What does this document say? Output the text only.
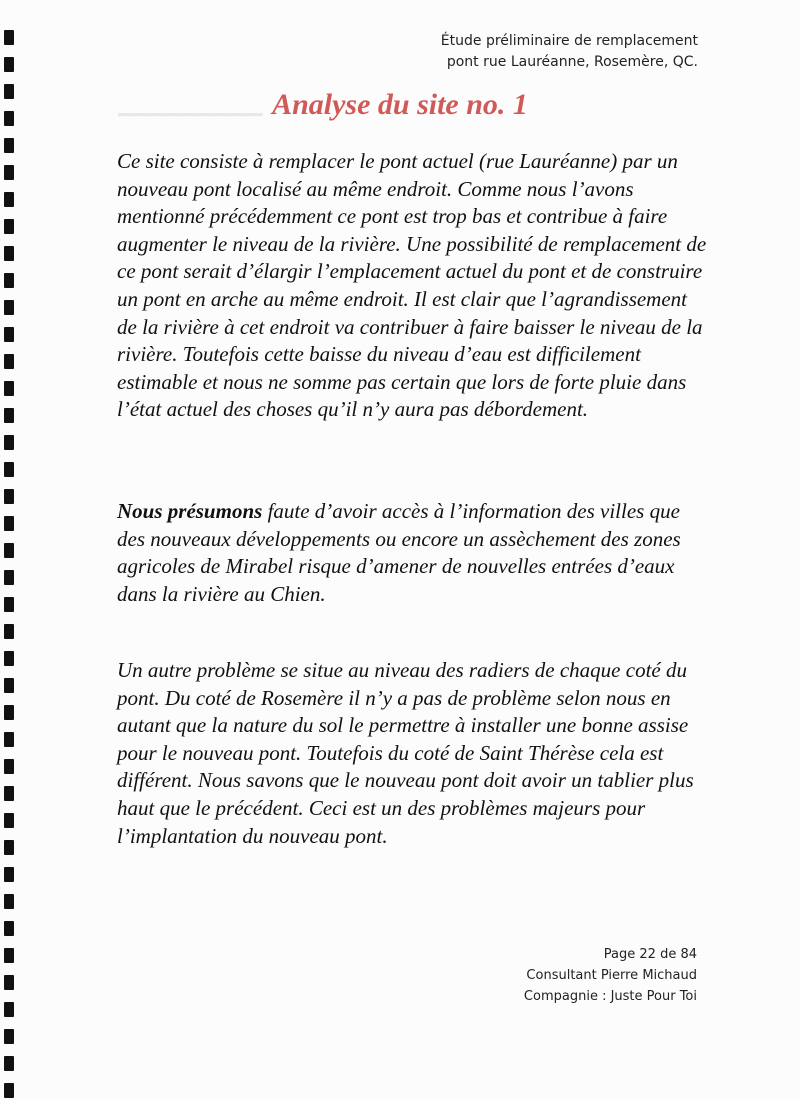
▁▁▁▁▁▁▁▁▁
Étude préliminaire de remplacement
pont rue Lauréanne, Rosemère, QC.
Analyse du site no. 1

Ce site consiste à remplacer le pont actuel (rue Lauréanne) par un nouveau pont localisé au même endroit. Comme nous l’avons mentionné précédemment ce pont est trop bas et contribue à faire augmenter le niveau de la rivière. Une possibilité de remplacement de ce pont serait d’élargir l’emplacement actuel du pont et de construire un pont en arche au même endroit. Il est clair que l’agrandissement de la rivière à cet endroit va contribuer à faire baisser le niveau de la rivière. Toutefois cette baisse du niveau d’eau est difficilement estimable et nous ne somme pas certain que lors de forte pluie dans l’état actuel des choses qu’il n’y aura pas débordement.

Nous présumons faute d’avoir accès à l’information des villes que des nouveaux développements ou encore un assèchement des zones agricoles de Mirabel risque d’amener de nouvelles entrées d’eaux dans la rivière au Chien.

Un autre problème se situe au niveau des radiers de chaque coté du pont. Du coté de Rosemère il n’y a pas de problème selon nous en autant que la nature du sol le permettre à installer une bonne assise pour le nouveau pont. Toutefois du coté de Saint Thérèse cela est différent. Nous savons que le nouveau pont doit avoir un tablier plus haut que le précédent. Ceci est un des problèmes majeurs pour l’implantation du nouveau pont.

Page 22 de 84
Consultant Pierre Michaud
Compagnie : Juste Pour Toi
